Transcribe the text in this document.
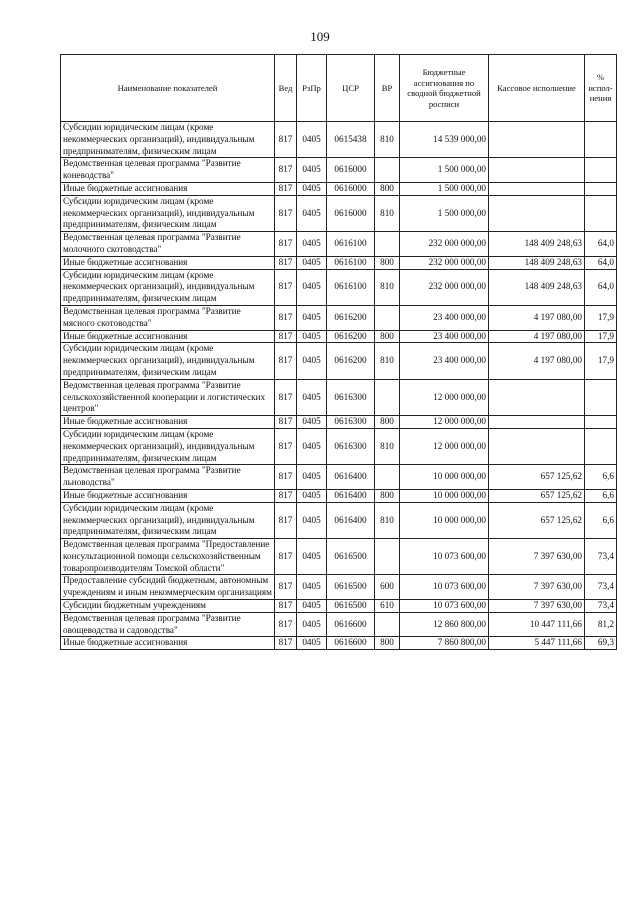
109
Наименование показателей	Вед	РзПр	ЦСР	ВР	Бюджетные ассигнования по сводной бюджетной росписи	Кассовое исполнение	% испол-нения
Субсидии юридическим лицам (кроме некоммерческих организаций), индивидуальным предпринимателям, физическим лицам	817	0405	0615438	810	14 539 000,00		
Ведомственная целевая программа "Развитие коневодства"	817	0405	0616000		1 500 000,00		
Иные бюджетные ассигнования	817	0405	0616000	800	1 500 000,00		
Субсидии юридическим лицам (кроме некоммерческих организаций), индивидуальным предпринимателям, физическим лицам	817	0405	0616000	810	1 500 000,00		
Ведомственная целевая программа "Развитие молочного скотоводства"	817	0405	0616100		232 000 000,00	148 409 248,63	64,0
Иные бюджетные ассигнования	817	0405	0616100	800	232 000 000,00	148 409 248,63	64,0
Субсидии юридическим лицам (кроме некоммерческих организаций), индивидуальным предпринимателям, физическим лицам	817	0405	0616100	810	232 000 000,00	148 409 248,63	64,0
Ведомственная целевая программа "Развитие мясного скотоводства"	817	0405	0616200		23 400 000,00	4 197 080,00	17,9
Иные бюджетные ассигнования	817	0405	0616200	800	23 400 000,00	4 197 080,00	17,9
Субсидии юридическим лицам (кроме некоммерческих организаций), индивидуальным предпринимателям, физическим лицам	817	0405	0616200	810	23 400 000,00	4 197 080,00	17,9
Ведомственная целевая программа "Развитие сельскохозяйственной кооперации и логистических центров"	817	0405	0616300		12 000 000,00		
Иные бюджетные ассигнования	817	0405	0616300	800	12 000 000,00		
Субсидии юридическим лицам (кроме некоммерческих организаций), индивидуальным предпринимателям, физическим лицам	817	0405	0616300	810	12 000 000,00		
Ведомственная целевая программа "Развитие льноводства"	817	0405	0616400		10 000 000,00	657 125,62	6,6
Иные бюджетные ассигнования	817	0405	0616400	800	10 000 000,00	657 125,62	6,6
Субсидии юридическим лицам (кроме некоммерческих организаций), индивидуальным предпринимателям, физическим лицам	817	0405	0616400	810	10 000 000,00	657 125,62	6,6
Ведомственная целевая программа "Предоставление консультационной помощи сельскохозяйственным товаропроизводителям Томской области"	817	0405	0616500		10 073 600,00	7 397 630,00	73,4
Предоставление субсидий бюджетным, автономным учреждениям и иным некоммерческим организациям	817	0405	0616500	600	10 073 600,00	7 397 630,00	73,4
Субсидии бюджетным учреждениям	817	0405	0616500	610	10 073 600,00	7 397 630,00	73,4
Ведомственная целевая программа "Развитие овощеводства и садоводства"	817	0405	0616600		12 860 800,00	10 447 111,66	81,2
Иные бюджетные ассигнования	817	0405	0616600	800	7 860 800,00	5 447 111,66	69,3
